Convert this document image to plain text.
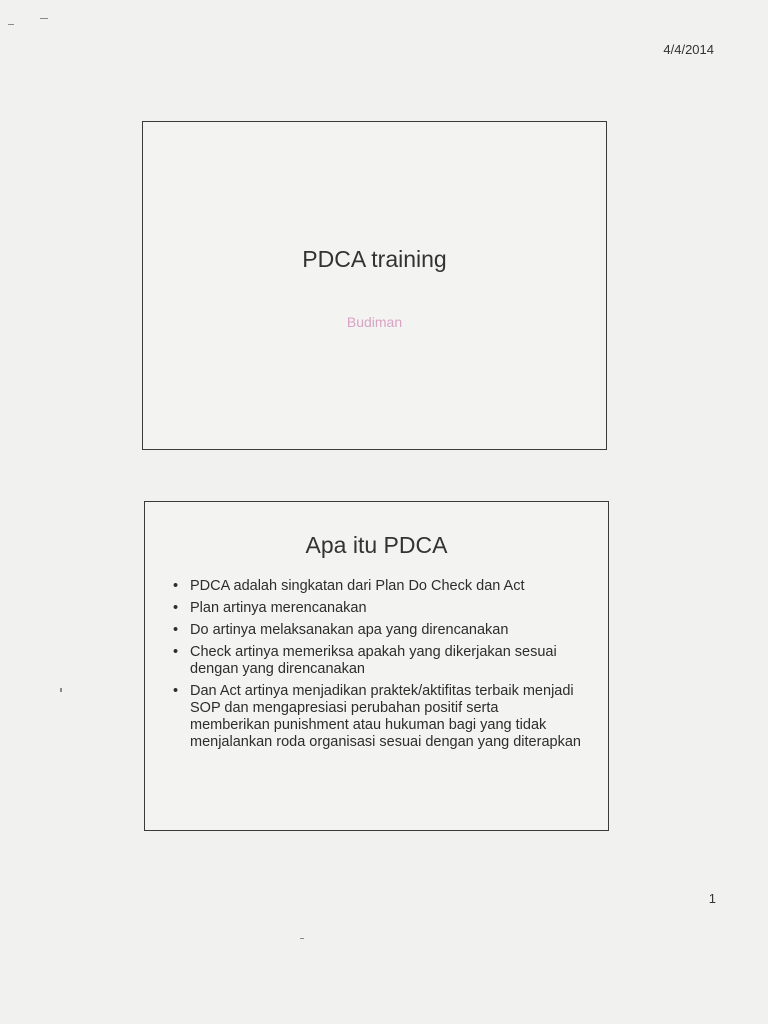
4/4/2014
PDCA training
Budiman
Apa itu PDCA
• PDCA adalah singkatan dari Plan Do Check dan Act
• Plan artinya merencanakan
• Do artinya melaksanakan apa yang direncanakan
• Check artinya memeriksa apakah yang dikerjakan sesuai dengan yang direncanakan
• Dan Act artinya menjadikan praktek/aktifitas terbaik menjadi SOP dan mengapresiasi perubahan positif serta memberikan punishment atau hukuman bagi yang tidak menjalankan roda organisasi sesuai dengan yang diterapkan
1
